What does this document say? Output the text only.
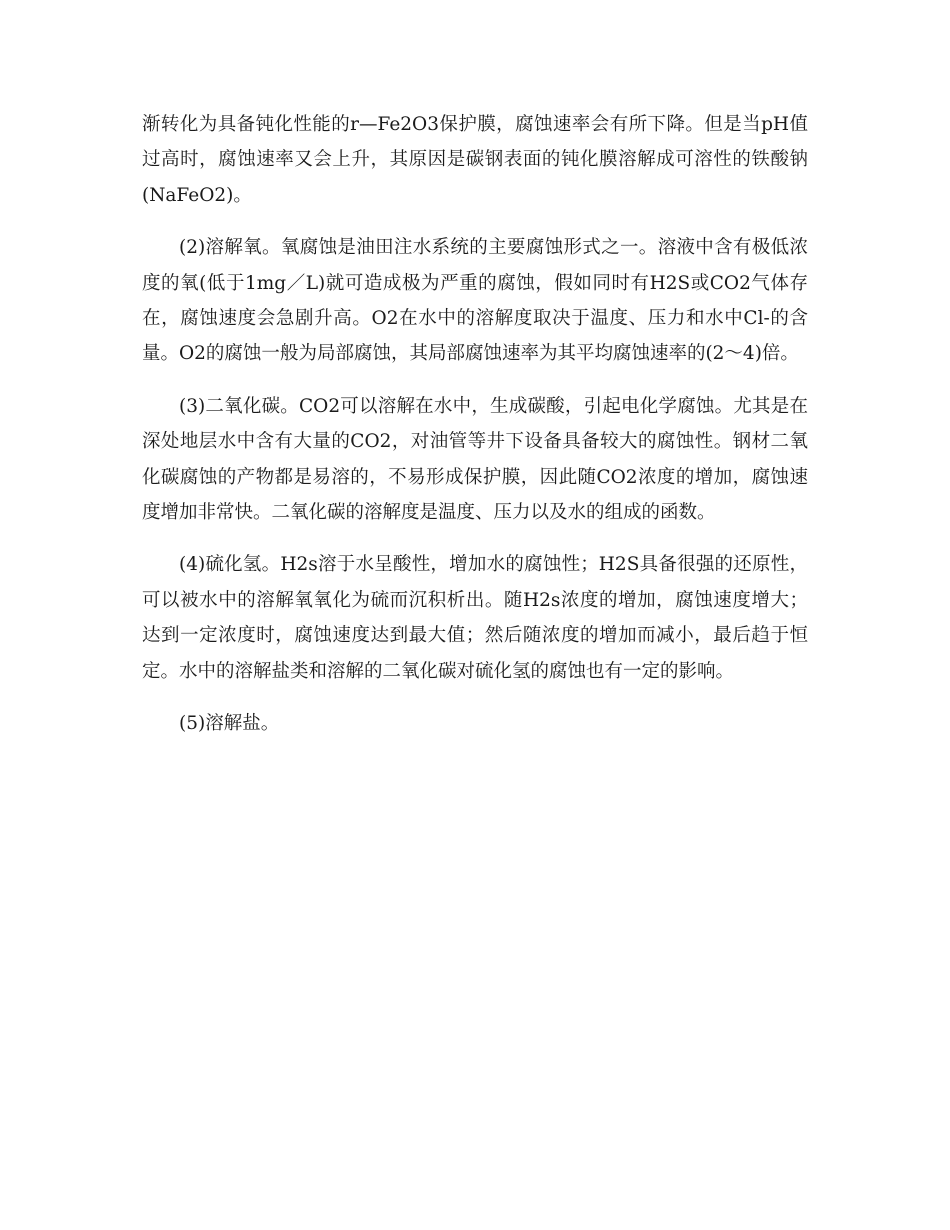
渐转化为具备钝化性能的r—Fe2O3保护膜，腐蚀速率会有所下降。但是当pH值过高时，腐蚀速率又会上升，其原因是碳钢表面的钝化膜溶解成可溶性的铁酸钠(NaFeO2)。

(2)溶解氧。氧腐蚀是油田注水系统的主要腐蚀形式之一。溶液中含有极低浓度的氧(低于1mg／L)就可造成极为严重的腐蚀，假如同时有H2S或CO2气体存在，腐蚀速度会急剧升高。O2在水中的溶解度取决于温度、压力和水中Cl-的含量。O2的腐蚀一般为局部腐蚀，其局部腐蚀速率为其平均腐蚀速率的(2～4)倍。

(3)二氧化碳。CO2可以溶解在水中，生成碳酸，引起电化学腐蚀。尤其是在深处地层水中含有大量的CO2，对油管等井下设备具备较大的腐蚀性。钢材二氧化碳腐蚀的产物都是易溶的，不易形成保护膜，因此随CO2浓度的增加，腐蚀速度增加非常快。二氧化碳的溶解度是温度、压力以及水的组成的函数。

(4)硫化氢。H2s溶于水呈酸性，增加水的腐蚀性；H2S具备很强的还原性，可以被水中的溶解氧氧化为硫而沉积析出。随H2s浓度的增加，腐蚀速度增大；达到一定浓度时，腐蚀速度达到最大值；然后随浓度的增加而减小，最后趋于恒定。水中的溶解盐类和溶解的二氧化碳对硫化氢的腐蚀也有一定的影响。

(5)溶解盐。
